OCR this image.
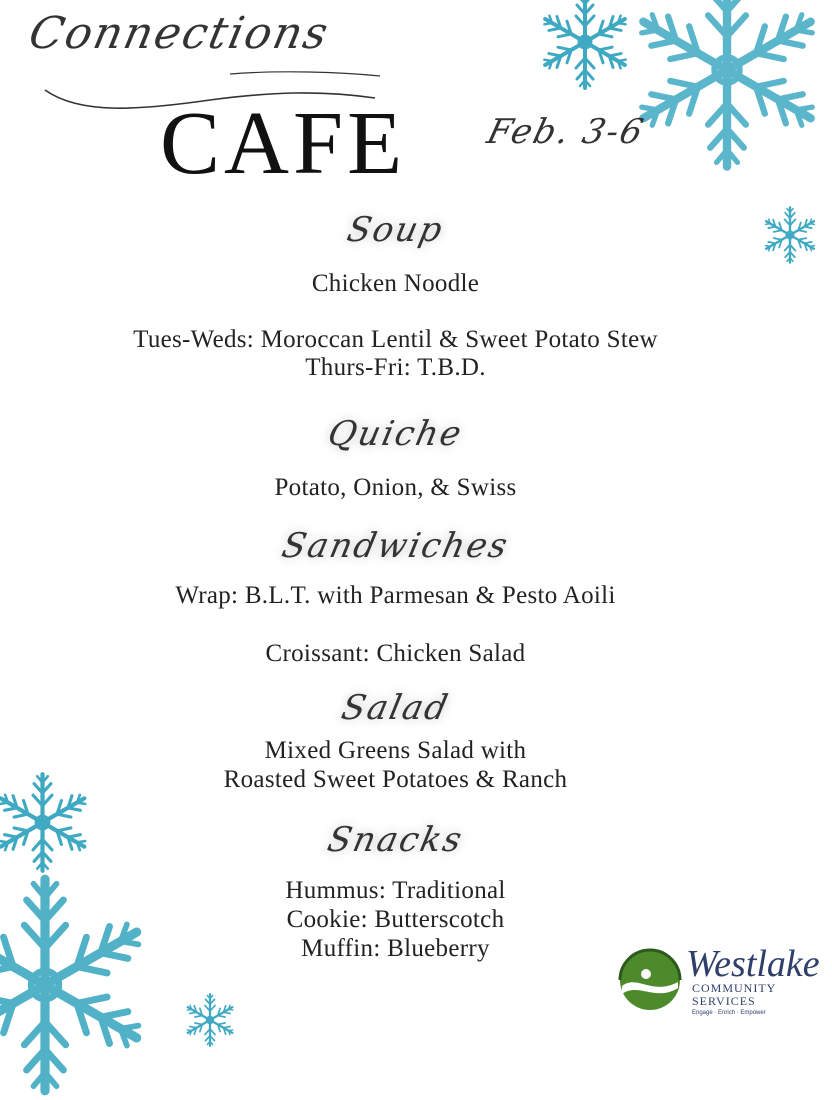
Connections
CAFE Feb. 3-6
Soup
Chicken Noodle
Tues-Weds: Moroccan Lentil & Sweet Potato Stew
Thurs-Fri: T.B.D.
Quiche
Potato, Onion, & Swiss
Sandwiches
Wrap: B.L.T. with Parmesan & Pesto Aoili
Croissant: Chicken Salad
Salad
Mixed Greens Salad with
Roasted Sweet Potatoes & Ranch
Snacks
Hummus: Traditional
Cookie: Butterscotch
Muffin: Blueberry	Westlake
COMMUNITY
SERVICES
Engage · Enrich · Empower
